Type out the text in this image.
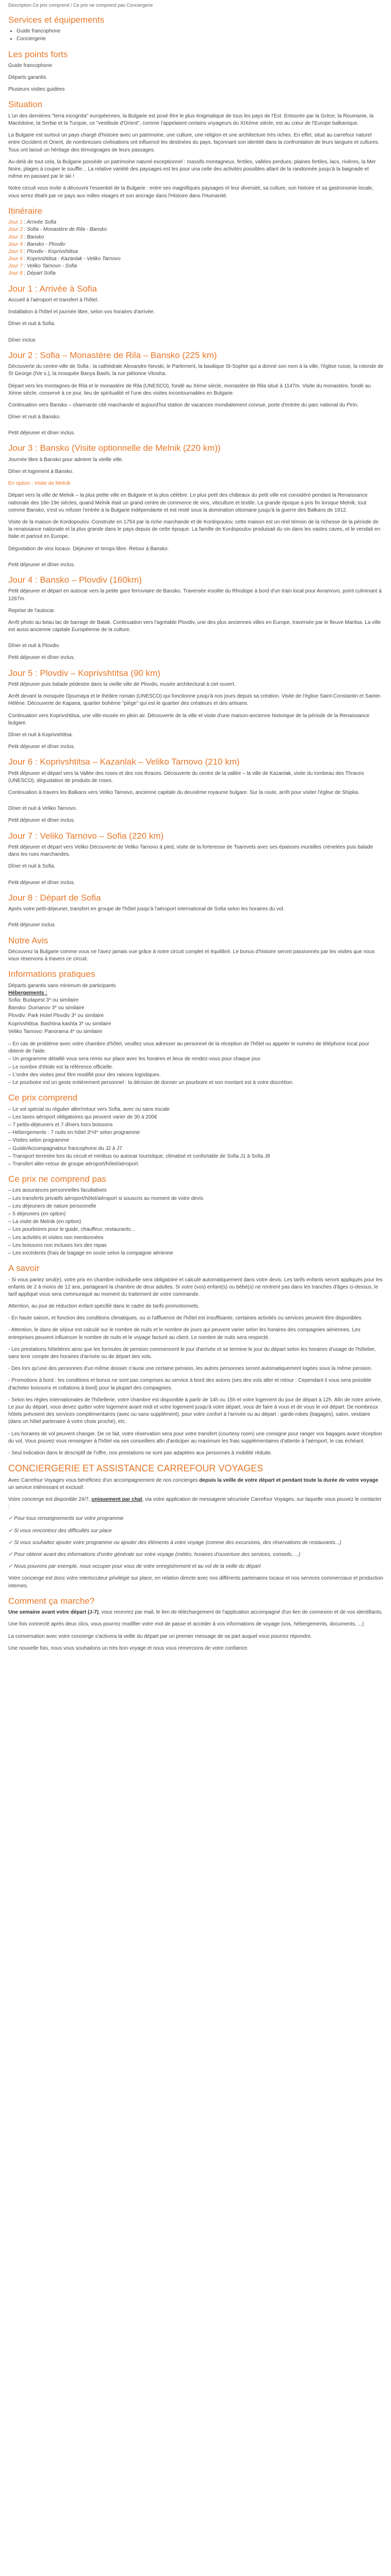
Description Ce prix comprend / Ce prix ne comprend pas Conciergerie
Services et équipements
• Guide francophone
• Conciergerie
Les points forts

Guide francophone

Départs garantis

Plusieurs visites guidées

Situation

L'un des dernières "terra incognita" européennes, la Bulgarie est posé être le plus énigmatique de tous les pays de l'Est. Entourée par la Grèce, la Roumanie, la Macédoine, la Serbie et la Turquie, ce "vestibule d'Orient", comme l'appelaient certains voyageurs du XIXème siècle, est au cœur de l'Europe balkanique.

La Bulgarie est surtout un pays chargé d'histoire avec un patrimoine, une culture, une religion et une architecture très riches. En effet, situé au carrefour naturel entre Occident et Orient, de nombreuses civilisations ont influencé les destinées du pays, façonnant son identité dans la confrontation de leurs langues et cultures. Tous ont laissé un héritage des témoignages de leurs passages.

Au-delà de tout cela, la Bulgarie possède un patrimoine naturel exceptionnel : massifs montagneux, fertiles, vallées perdues, plaines fertiles, lacs, rivières, la Mer Noire, plages à couper le souffle... La relative variété des paysages est les pour una celle des activités possibles allant de la randonnée jusqu'à la baignade et même en passant par le ski !

Notre circuit vous invite à découvrir l'essentiel de la Bulgarie : entre ses magnifiques paysages et leur diversité, sa culture, son histoire et sa gastronomie locale, vous serez ébahi par ce pays aux milles visages et son ancrage dans l'Histoire dans l'Humanité.

Itinéraire
Jour 1 : Arrivée Sofia
Jour 2 : Sofia - Monastère de Rila - Bansko
Jour 3 : Bansko
Jour 4 : Bansko - Plovdiv
Jour 5 : Plovdiv - Koprivshtitsa
Jour 6 : Koprivshtitsa - Kazanlak - Veliko Tarnovo
Jour 7 : Veliko Tarnovo - Sofia
Jour 8 : Départ Sofia
Jour 1 : Arrivée à Sofia

Accueil à l'aéroport et transfert à l'hôtel.

Installation à l'hôtel et journée libre, selon vos horaires d'arrivée.

Dîner et nuit à Sofia.

Dîner inclus

Jour 2 : Sofia – Monastère de Rila – Bansko (225 km)

Découverte du centre-ville de Sofia : la cathédrale Alexandre Nevski, le Parlement, la basilique St-Sophie qui a donné son nom à la ville, l'église russe, la rotonde de St George (IVe s.), la mosquée Banya Bashi, la rue piétonne Vitosha.

Départ vers les montagnes de Rila et le monastère de Rila (UNESCO), fondé au Xème siècle, monastère de Rila situé à 1147m. Visite du monastère, fondé au Xème siècle, conservé à ce jour, lieu de spiritualité et l'une des visites incontournables en Bulgarie.

Continuation vers Bansko – charmante cité marchande et aujourd'hui station de vacances mondialement connue, porte d'entrée du parc national du Pirin.

Dîner et nuit à Bansko.

Petit déjeuner et dîner inclus.

Jour 3 : Bansko (Visite optionnelle de Melnik (220 km))

Journée libre à Bansko pour admirer la vieille ville.

Dîner et logement à Bansko.

En option : Visite de Melnik

Départ vers la ville de Melnik – la plus petite ville en Bulgarie et la plus célèbre. Le plus petit des châteaux du petit ville est considéré pendant la Renaissance nationale des 18e-19e siècles, quand Melnik était un grand centre de commerce de vins, viticulture et textile. La grande époque a pris fin lorsque Melnik, tout comme Bansko, s'est vu refuser l'entrée à la Bulgarie indépendante et est resté sous la domination ottomane jusqu'à la guerre des Balkans de 1912.

Visite de la maison de Kordopoulov. Construite en 1754 par la riche marchande et de Kordopoulov, cette maison est un réel témoin de la richesse de la période de la renaissance nationale et la plus grande dans le pays depuis de cette époque. La famille de Kordopoulov produisait du vin dans les vastes caves, et le vendait en Italie et partout en Europe.

Dégustation de vins locaux. Déjeuner et temps libre. Retour à Bansko.

Petit déjeuner et dîner inclus.

Jour 4 : Bansko – Plovdiv (160km)

Petit déjeuner et départ en autocar vers la petite gare ferroviaire de Bansko. Traversée insolite du Rhodope à bord d'un train local pour Avramovo, point culminant à 1267m.

Reprise de l'autocar.

Arrêt photo au beau lac de barrage de Batak. Continuation vers l'agréable Plovdiv, une des plus anciennes villes en Europe, traversée par le fleuve Maritsa. La ville est aussi ancienne capitale Européenne de la culture.

Dîner et nuit à Plovdiv.

Petit déjeuner et dîner inclus.

Jour 5 : Plovdiv – Koprivshtitsa (90 km)

Petit déjeuner puis balade pédestre dans la vieille ville de Plovdiv, musée architectural à ciel ouvert.

Arrêt devant la mosquée Djoumaya et le théâtre romain (UNESCO) qui fonctionne jusqu'à nos jours depuis sa création. Visite de l'église Saint-Constantin et Sainte-Hélène. Découverte de Kapana, quartier bohème "piège" qui est le quartier des créateurs et des artisans.

Continuation vers Koprivshtitsa, une ville-musée en plein air. Découverte de la ville et visite d'une maison-ancienne historique de la période de la Renaissance bulgare.

Dîner et nuit à Koprivshtitsa.

Petit déjeuner et dîner inclus.

Jour 6 : Koprivshtitsa – Kazanlak – Veliko Tarnovo (210 km)

Petit déjeuner et départ vers la Vallée des roses et des rois thraces. Découverte du centre de la vallée – la ville de Kazanlak, visite du tombeau des Thraces (UNESCO), dégustation de produits de roses.

Continuation à travers les Balkans vers Veliko Tarnovo, ancienne capitale du deuxième royaume bulgare. Sur la route, arrêt pour visiter l'église de Shipka.

Dîner et nuit à Veliko Tarnovo.

Petit déjeuner et dîner inclus.

Jour 7 : Veliko Tarnovo – Sofia (220 km)

Petit déjeuner et départ vers Veliko Découverte de Veliko Tarnovo à pied, visite de la forteresse de Tsarevets avec ses épaisses murailles crénelées puis balade dans les rues marchandes.

Dîner et nuit à Sofia.

Petit déjeuner et dîner inclus.

Jour 8 : Départ de Sofia

Après votre petit-déjeuner, transfert en groupe de l'hôtel jusqu'à l'aéroport international de Sofia selon les horaires du vol.

Petit déjeuner inclus

Notre Avis

Découvrez la Bulgarie comme vous ne l'avez jamais vue grâce à notre circuit complet et équilibré. Le bonus d'histoire seront passionnés par les visites que nous vous réservons à travers ce circuit.

Informations pratiques
Départs garantis sans minimum de participants
Hébergements :
Sofia: Budapest 3* ou similaire
Bansko: Dumanov 3* ou similaire
Plovdiv: Park Hotel Plovdiv 3* ou similaire
Koprivshtitsa: Bashtina kashta 3* ou similaire
Veliko Tarnovo: Panorama 4* ou similaire
– En cas de problème avec votre chambre d'hôtel, veuillez vous adresser au personnel de la réception de l'hôtel ou appeler le numéro de téléphone local pour obtenir de l'aide.
– Un programme détaillé vous sera remis sur place avec les horaires et lieux de rendez-vous pour chaque jour.
– Le nombre d'étoile est la référence officielle.
– L'ordre des visites peut être modifié pour des raisons logistiques.
– Le pourboire est un geste entièrement personnel : la décision de donner un pourboire et son montant est à votre discrétion.
Ce prix comprend
– Le vol spécial ou régulier aller/retour vers Sofia, avec ou sans escale
– Les taxes aéroport obligatoires qui peuvent varier de 30 à 200€
– 7 petits-déjeuners et 7 dîners hors boissons
– Hébergements : 7 nuits en hôtel 3*/4* selon programme
– Visites selon programme
– Guide/Accompagnateur francophone du J2 à J7
– Transport terrestre lors du circuit et minibus ou autocar touristique, climatisé et confortable de Sofia J1 à Sofia J8
– Transfert aller-retour de groupe aéroport/hôtel/aéroport.
Ce prix ne comprend pas
– Les assurances personnelles facultatives
– Les transferts privatifs aéroport/hôtel/aéroport si souscris au moment de votre devis
– Les déjeuners de nature personnelle
– 5 déjeuners (en option)
– La visite de Melnik (en option)
– Les pourboires pour le guide, chauffeur, restaurants...
– Les activités et visites non mentionnées
– Les boissons non incluses lors des repas
– Les excédents (frais de bagage en soute selon la compagnie aérienne
A savoir

- Si vous partez seul(e), votre prix en chambre individuelle sera obligatoire et calculé automatiquement dans votre devis. Les tarifs enfants seront appliqués pour les enfants de 2 à moins de 12 ans, partageant la chambre de deux adultes. Si votre (vos) enfant(s) ou bébé(s) ne rentrent pas dans les tranches d'âges ci-dessus, le tarif appliqué vous sera communiqué au moment du traitement de votre commande.

Attention, au jour de réduction enfant spécifié dans le cadre de tarifs promotionnels.

- En haute saison, et fonction des conditions climatiques, ou si l'affluence de l'hôtel est insuffisante, certaines activités ou services peuvent être disponibles.

- Attention, le dans de séjour est calculé sur le nombre de nuits et le nombre de jours qui peuvent varier selon les horaires des compagnies aériennes. Les entreprises peuvent influencer le nombre de nuits et le voyage facturé au client. Le nombre de nuits sera respecté.

- Les prestations hôtelières ainsi que les formules de pension commencent le jour d'arrivée et se termine le jour du départ selon les horaires d'usage de l'hôtelier, sans tenir compte des horaires d'arrivée ou de départ des vols.

- Des lors qu'une des personnes d'un même dossier n'aurai une certaine pension, les autres personnes seront automatiquement logées sous la même pension.

- Promotions à bord : les conditions et bonus ne sont pas comprises au service à bord des avions (ses des vols aller et retour : Cependant il vous sera possible d'acheter boissons et collations à bord) pour la plupart des compagnies.

- Selon les règles internationales de l'hôtellerie, votre chambre est disponible à partir de 14h ou 15h et votre logement du jour de départ à 12h. Afin de notre arrivée, Le jour du départ, vous devez quitter votre logement avant midi et votre logement jusqu'à votre départ, vous de faire à vous et de vous le vol départ. De nombreux hôtels prévoient des services complémentaires (avec ou sans supplément), pour votre confort à l'arrivée ou au départ : garde-robes (bagages), salon, vestiaire (dans un hôtel partenaire à votre choix proche), etc.

- Les horaires de vol peuvent changer. De ce fait, votre réservation sera pour votre transfert (courtesy room) une consigne pour ranger vos bagages avant réception du vol. Vous pouvez vous renseigner à l'hôtel via ses conseillers afin d'anticiper au maximum les frais supplémentaires d'attente à l'aéroport, le cas échéant.

- Seul indication dans le descriptif de l'offre, nos prestations ne sont pas adaptées aux personnes à mobilité réduite.

CONCIERGERIE ET ASSISTANCE CARREFOUR VOYAGES

Avec Carrefour Voyages vous bénéficiez d'un accompagnement de nos concierges depuis la veille de votre départ et pendant toute la durée de votre voyage un service intéressant et exclusif.

Votre concierge est disponible 24/7, uniquement par chat, via votre application de messagerie sécurisée Carrefour Voyages, sur laquelle vous pouvez le contacter :

✓ Pour tous renseignements sur votre programme

✓ Si vous rencontrez des difficultés sur place

✓ Si vous souhaitez ajouter votre programme ou ajouter des éléments à votre voyage (comme des excursions, des réservations de restaurants...)

✓ Pour obtenir avant des informations d'ordre générale sur votre voyage (météo, horaires d'ouverture des services, conseils, ...)

✓ Nous pouvons par exemple, nous occuper pour vous de votre enregistrement et au vol de la veille du départ

Votre concierge est donc votre interlocuteur privilégié sur place, en relation directe avec nos différents partenaires locaux et nos services commerciaux et production internes.

Comment ça marche?

Une semaine avant votre départ (J-7), vous recevrez par mail, le lien de téléchargement de l'application accompagné d'un lien de connexion et de vos identifiants.

Une fois connecté après deux clics, vous pourrez modifier votre mot de passe et accéder à vos informations de voyage (vos, hébergements, documents, ...)

La conversation avec votre concierge s'activera la veille du départ par un premier message de sa part auquel vous pourrez répondre.

Une nouvelle fois, nous vous souhaitons un très bon voyage et nous vous remercions de votre confiance.
